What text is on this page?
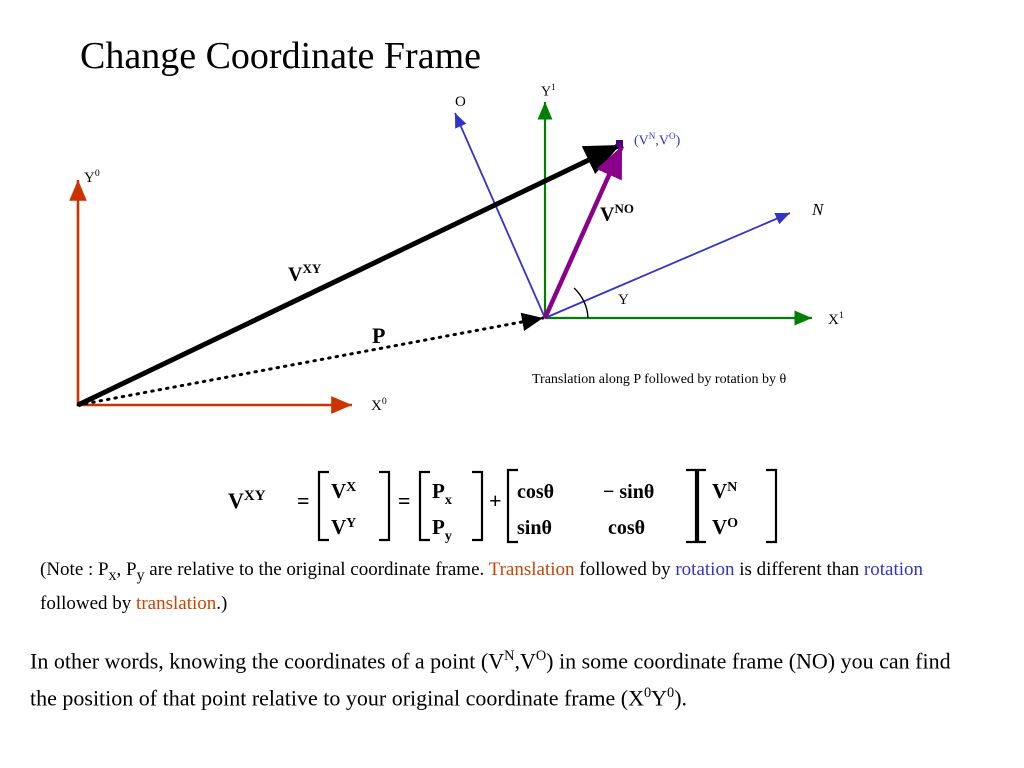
Change Coordinate Frame
$Y^0$
$X^0$
$Y^1$
$X^1$
O
N
Y
$V^{XY}$
$V^{NO}$
P
$(V^N,V^O)$
Translation along P followed by rotation by θ
$V^{XY} = V^X$
$V^Y$
= $P_x$
$P_y$
+ cosθ − sinθ
sinθ	cosθ
$V^N$
$V^O$
(Note : $P_x$, $P_y$ are relative to the original coordinate frame. Translation followed by rotation is different than rotation followed by translation.)
In other words, knowing the coordinates of a point $(V^N,V^O)$ in some coordinate frame (NO) you can find the position of that point relative to your original coordinate frame $(X^0Y^0)$.
